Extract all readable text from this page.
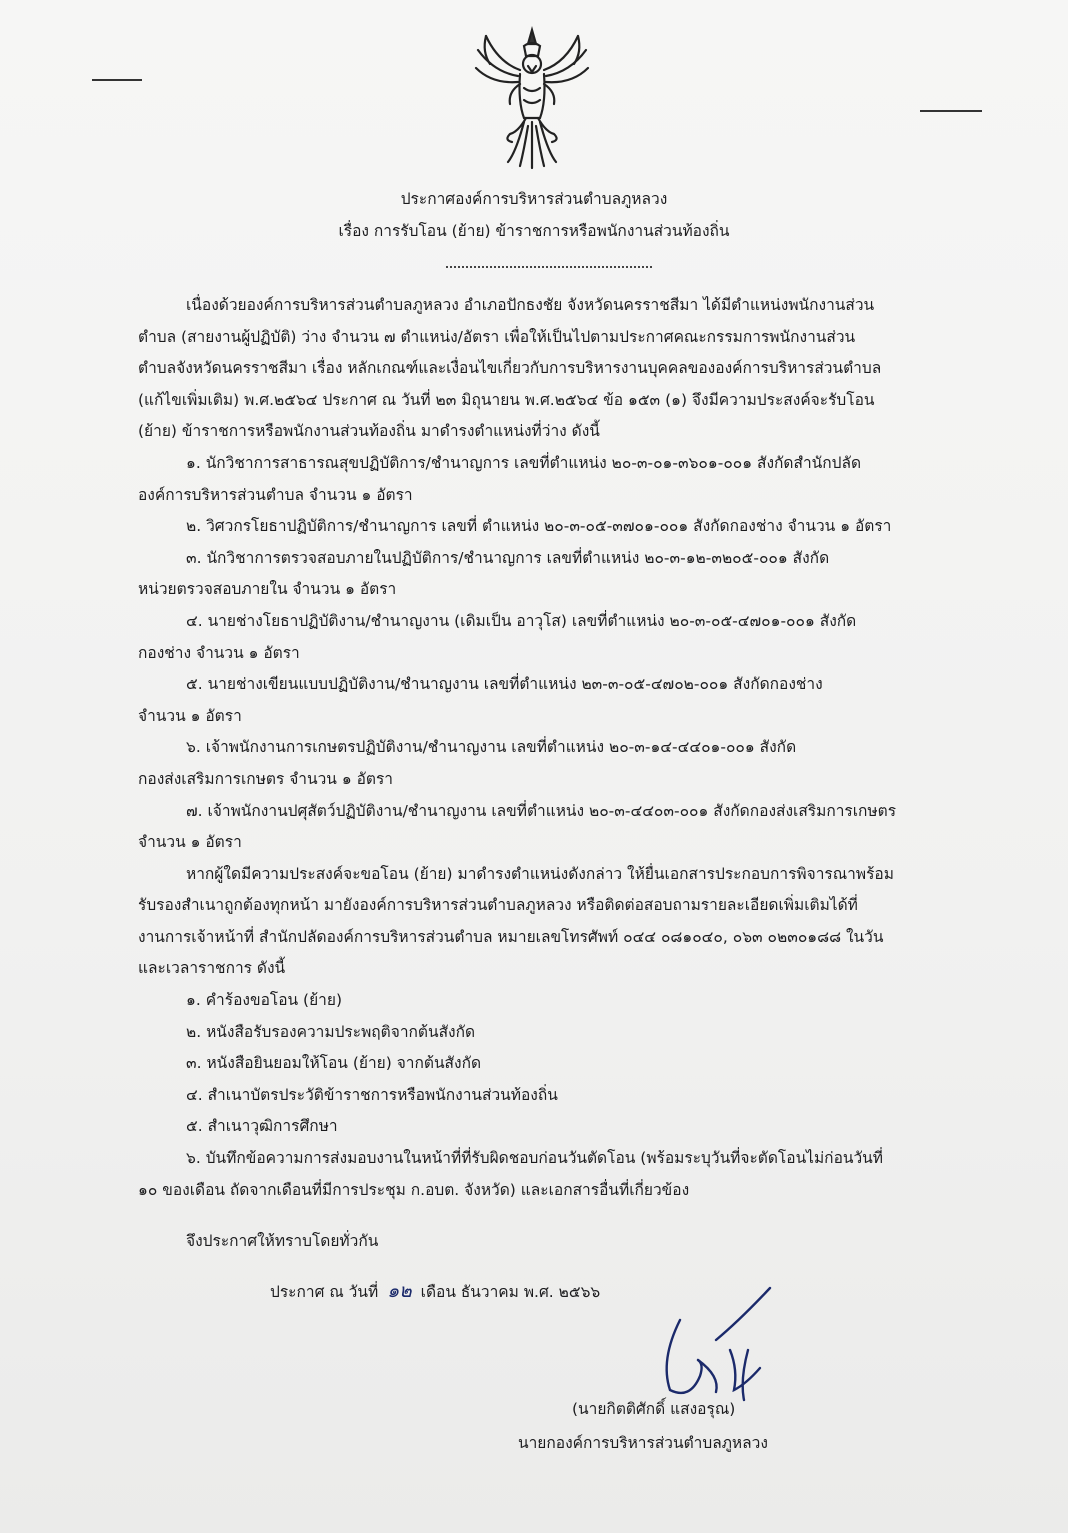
ประกาศองค์การบริหารส่วนตำบลภูหลวง
เรื่อง การรับโอน (ย้าย) ข้าราชการหรือพนักงานส่วนท้องถิ่น
เนื่องด้วยองค์การบริหารส่วนตำบลภูหลวง อำเภอปักธงชัย จังหวัดนครราชสีมา ได้มีตำแหน่งพนักงานส่วน
ตำบล (สายงานผู้ปฏิบัติ) ว่าง จำนวน ๗ ตำแหน่ง/อัตรา เพื่อให้เป็นไปตามประกาศคณะกรรมการพนักงานส่วน
ตำบลจังหวัดนครราชสีมา เรื่อง หลักเกณฑ์และเงื่อนไขเกี่ยวกับการบริหารงานบุคคลขององค์การบริหารส่วนตำบล
(แก้ไขเพิ่มเติม) พ.ศ.๒๕๖๔ ประกาศ ณ วันที่ ๒๓ มิถุนายน พ.ศ.๒๕๖๔ ข้อ ๑๕๓ (๑) จึงมีความประสงค์จะรับโอน
(ย้าย) ข้าราชการหรือพนักงานส่วนท้องถิ่น มาดำรงตำแหน่งที่ว่าง ดังนี้
๑. นักวิชาการสาธารณสุขปฏิบัติการ/ชำนาญการ เลขที่ตำแหน่ง ๒๐-๓-๐๑-๓๖๐๑-๐๐๑ สังกัดสำนักปลัด
องค์การบริหารส่วนตำบล จำนวน ๑ อัตรา
๒. วิศวกรโยธาปฏิบัติการ/ชำนาญการ เลขที่ ตำแหน่ง ๒๐-๓-๐๕-๓๗๐๑-๐๐๑ สังกัดกองช่าง จำนวน ๑ อัตรา
๓. นักวิชาการตรวจสอบภายในปฏิบัติการ/ชำนาญการ เลขที่ตำแหน่ง ๒๐-๓-๑๒-๓๒๐๕-๐๐๑ สังกัด
หน่วยตรวจสอบภายใน จำนวน ๑ อัตรา
๔. นายช่างโยธาปฏิบัติงาน/ชำนาญงาน (เดิมเป็น อาวุโส) เลขที่ตำแหน่ง ๒๐-๓-๐๕-๔๗๐๑-๐๐๑ สังกัด
กองช่าง จำนวน ๑ อัตรา
๕. นายช่างเขียนแบบปฏิบัติงาน/ชำนาญงาน เลขที่ตำแหน่ง ๒๓-๓-๐๕-๔๗๐๒-๐๐๑ สังกัดกองช่าง
จำนวน ๑ อัตรา
๖. เจ้าพนักงานการเกษตรปฏิบัติงาน/ชำนาญงาน เลขที่ตำแหน่ง ๒๐-๓-๑๔-๔๔๐๑-๐๐๑ สังกัด
กองส่งเสริมการเกษตร จำนวน ๑ อัตรา
๗. เจ้าพนักงานปศุสัตว์ปฏิบัติงาน/ชำนาญงาน เลขที่ตำแหน่ง ๒๐-๓-๔๔๐๓-๐๐๑ สังกัดกองส่งเสริมการเกษตร
จำนวน ๑ อัตรา
หากผู้ใดมีความประสงค์จะขอโอน (ย้าย) มาดำรงตำแหน่งดังกล่าว ให้ยื่นเอกสารประกอบการพิจารณาพร้อม
รับรองสำเนาถูกต้องทุกหน้า มายังองค์การบริหารส่วนตำบลภูหลวง หรือติดต่อสอบถามรายละเอียดเพิ่มเติมได้ที่
งานการเจ้าหน้าที่ สำนักปลัดองค์การบริหารส่วนตำบล หมายเลขโทรศัพท์ ๐๔๔ ๐๘๑๐๔๐, ๐๖๓ ๐๒๓๐๑๘๘ ในวัน
และเวลาราชการ ดังนี้
๑. คำร้องขอโอน (ย้าย)
๒. หนังสือรับรองความประพฤติจากต้นสังกัด
๓. หนังสือยินยอมให้โอน (ย้าย) จากต้นสังกัด
๔. สำเนาบัตรประวัติข้าราชการหรือพนักงานส่วนท้องถิ่น
๕. สำเนาวุฒิการศึกษา
๖. บันทึกข้อความการส่งมอบงานในหน้าที่ที่รับผิดชอบก่อนวันตัดโอน (พร้อมระบุวันที่จะตัดโอนไม่ก่อนวันที่
๑๐ ของเดือน ถัดจากเดือนที่มีการประชุม ก.อบต. จังหวัด) และเอกสารอื่นที่เกี่ยวข้อง
จึงประกาศให้ทราบโดยทั่วกัน
ประกาศ ณ วันที่ ๑๒ เดือน ธันวาคม พ.ศ. ๒๕๖๖
(นายกิตติศักดิ์ แสงอรุณ)
นายกองค์การบริหารส่วนตำบลภูหลวง
